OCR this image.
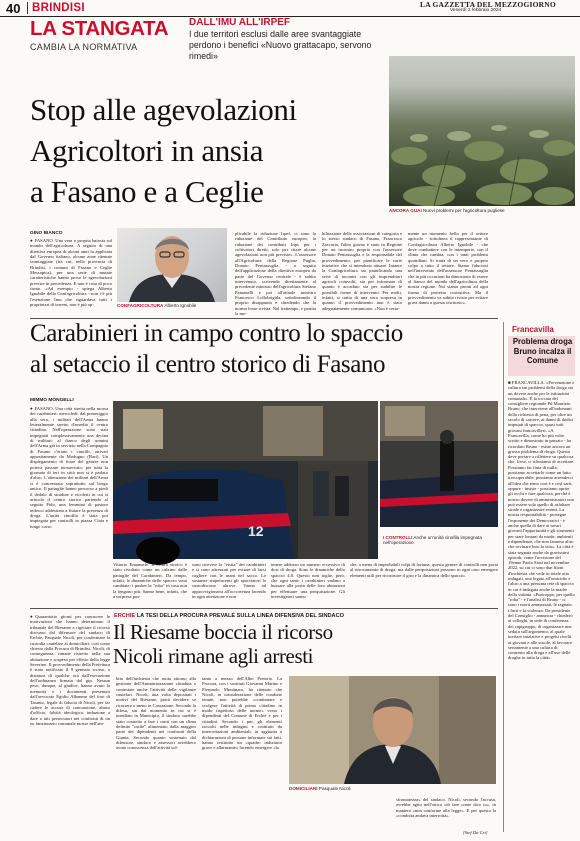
40 BRINDISI	LA GAZZETTA DEL MEZZOGIORNO
Venerdì 2 febbraio 2024
LA STANGATA
CAMBIA LA NORMATIVA
DALL'IMU ALL'IRPEF
I due territori esclusi dalle aree svantaggiate perdono i benefici «Nuovo grattacapo, servono rimedi»
Stop alle agevolazioni
Agricoltori in ansia
a Fasano e a Ceglie
ANCORA GUAI Nuovi problemi per l'agricoltura pugliese
GINO BIANCO
● FASANO. Una vera e propria batosta sul mondo dell'agricoltura. A seguito di una direttiva europea di alcuni anni fa applicata dal Governo italiano, alcune zone ritenute svantaggiate (tra cui, nella provincia di Brindisi, i comuni di Fasano e Ceglie Messapica), per una serie di mutate caratteristiche hanno perso le agevolazioni previste in precedenza. E non è cosa di poco conto. «Ad esempio - spiega Alberto Ignobile della Confagricoltura - non c'è più l'esenzione Imu che riguardava tutti i proprietari di terreni, non è più ap-	CONFAGRICOLTURA Alberto Ignobile
plicabile la riduzione Irpef, ci sono la riduzione del Contributo europeo, la riduzione dei contributi Inps per i coltivatori diretti, solo per citare alcune agevolazioni non più previste». L'assessore all'Agricoltura della Regione Puglia, Donato Pentassuglia - a seguito dell'applicazione della direttiva europea da parte del Governo centrale - è subito intervenuto, scrivendo direttamente al precedente ministro dell'agricoltura Stefano Patuanelli e poi all'attuale ministro Francesco Lollobrigida, sottolineando il proprio disappunto e chiedendo che la norma fosse rivista. Nel frattempo, e partita la mo-
bilitazione delle associazioni di categoria e lo stesso sindaco di Fasano, Francesco Zaccaria, l'altro giorno è stato in Regione per un incontro proprio con l'assessore Donato Pentassuglia e la responsabile del provvedimento, per pianificare le varie iniziative che si intendono attuare. Intanto la Confagricoltura sta pianificando una serie di incontri con gli imprenditori agricoli coinvolti, sia per informare di quanto è accaduto sia per stabilire le possibili forme di intervento. Per molti, infatti, si tratta di una vera sorpresa in quanto il provvedimento non è stato adeguatamente comunicato. «Non è certa-
mente un momento bello per il settore agricolo - sottolinea il rappresentante di Confagricoltura Alberto Ignobile - che deve combattere con le intemperie, con il clima che cambia, con i tanti problemi quotidiani. Si tratta di un vero e proprio colpo a tutto il settore. Siamo fiduciosi nell'intervento dell'assessore Pentassuglia che in più occasioni ha dimostrato di essere al fianco del mondo dell'agricoltura della nostra regione. Noi siamo pronti ad ogni forma di protesta costruttiva. Ma il provvedimento va subito rivisto per evitare gravi danni a questo territorio».
Carabinieri in campo contro lo spaccio
al setaccio il centro storico di Fasano
MIMMO MONGELLI
● FASANO. Una città stretta nella morsa dei carabinieri: mercoledì, dal pomeriggio alla sera, i militari dell'Arma hanno letteralmente stretto d'assedio il centro cittadino. Nell'operazione sono stati impegnati complessivamente una decina di militari: al fianco degli uomini dell'Arma già in servizio nella Compagnia di Fasano c'erano i cinofili, arrivati appositamente da Modugno (Bari). Un dispiegamento di forze del genere non poteva passare inosservato: per tutta la giornata di ieri in città non si è parlato d'altro. L'attenzione dei militari dell'Arma si è concentrata soprattutto sul borgo antico. Il pattuglie hanno percorso a piedi il dedalo di stradine e vicoletti in cui si articola il centro storico partendo al seguito Fido, una femmina di pastore tedesco addestrata a fiutare la presenza di droga. L'unità cinofila è stata poi impiegata per controlli in piazza Ciaia e lungo corso	12	I CONTROLLI Anche un'unità cinofila impegnata nell'operazione
Vittorio Emanuele. Il centro storico è stato rivoltato come un calzino dalle pattuglie del Carabinieri. Da tempo, infatti, le dinamiche dello spaccio sono cambiate: i pusher la "roba" in casa non la tengono più. Sanno bene, infatti, che a sorpresa pos-
sono ricevere la "visita" dei carabinieri e si sono attrezzati per evitare di farsi cogliere con le mani nel sacco. Le sostanze stupefacenti gli spacciatori le custodiscono altrove. Vanno ad approvvigionarsi all'occorrenza facendo in ogni attenzione e non
tenere addosso un numero eccessivo di dosi di droga. Sono le dinamiche dello spaccio 4.0. Questo non toglie, però, che ogni tanto i carabinieri vadano a bussare alla porta delle loro abitazioni per effettuare una perquisizione. Gli investigatori sanno
che, a meno di improbabili colpi di fortuna, questo genere di controlli non porta al ritrovamento di droga, ma dalle perquisizioni possono in ogni caso emergere elementi utili per ricostruire il giro e la dinamica dello spaccio.
Francavilla
Problema droga Bruno incalza il Comune
■ FRANCAVILLA. «Prevenzione e cultura sui problemi della droga sia un dovere anche per le istituzioni comunali». È la toccata del consigliere regionale Pd Maurizio Bruno, che interviene all'indomani della richiesta di pena, per oltre un secolo di carcere, ai danni di dodici imputati di spaccio, quasi tutti giovani francavillesi. «A Francavilla, come ho più volte scritto e dimostrato in passato - ha ricordato Bruno - esiste ancora un grosso problema di droga. Questo deve portare a riflettere su qualcosa che, forse, ci rifiutiamo di accettare. Possiamo far finta di nulla, possiamo accettarlo come un fatto irrecuperabile, possiamo arrenderci all'idea che temo così è e così sarà, oppure - insiste - possiamo aprire gli occhi e fare qualcosa, perché è nostro dovere di amministratori non può essere solo quello di asfaltare strade e organizzare eventi. La nostra responsabilità - prosegue l'esponente dei Democratici - è anche quella di dare ai nostri giovani l'opportunità e gli strumenti per stare lontani da mode, ambienti e dipendenze, che non faranno altro che rovinare loro la vita». La città è stata segnata anche da gravissimi episodi, come l'uccisione del 19enne Paolo Stasi nel novembre 2022, su cui ci sono due filoni d'inchiesta che vede in totale otto indagati, uno legato all'omicidio e l'altro a una presunta rete di spaccio in cui è indagata anche la madre della vittima. «Purtroppo, per quello "roba" - è l'analisi di Bruno - ci sono i morti ammazzati, le ragnaie, i furti e la violenza. Da presidente del Consiglio - annuncia - chiederò ai colleghi, in sede di conferenza dei capigruppo, di organizzare una seduta sull'argomento, al quale invitare iniziative e progetti rivolti ai giovani e alle scuole, al lavorare seriamente a una cultura di contrasto alla droga e all'uso delle droghe in tutta la città».
ERCHIE LA TESI DELLA PROCURA PREVALE SULLA LINEA DIFENSIVA DEL SINDACO
Il Riesame boccia il ricorso
Nicoli rimane agli arresti
●Quarantotto giorni per conoscere le motivazioni che hanno determinato il tribunale del Riesame a rigettare il ricorso discusso dal difensore del sindaco di Erchie, Pasquale Nicoli, per confermare la custodia cautelare ai domiciliari, così come chiesto dalla Procura di Brindisi. Nicoli, di conseguenza, rimane ristretto nella sua abitazione e sospeso per effetto della legge Severino. Il provvedimento della Prefettura è stato notificato il 9 gennaio scorso, a distanza di qualche ora dall'esecuzione dell'ordinanza firmata dal gip. Nessun peso, dunque, al giudice, hanno avuto la memoria e i documenti presentati dall'avvocato Egidio Albanese del foro di Taranto, legale di fiducia di Nicoli, per far cadere le accuse di concussione, abuso d'ufficio, falsità ideologica, induzione a dare o atti persecutori nei confronti di un ex funzionario comunale mosse nell'am-
bito dell'inchiesta che ruota attorno alla gestione dell'Amministrazione cittadina e contestate anche l'attività delle vigilanze cautelari. Nicoli, una volta depositati i motivi del Riesame, potrà decidere se ricorrere o meno in Cassazione. Secondo la difesa, sin dal momento in cui si è insediato in Municipio, il sindaco sarebbe stato costretto a fare i conti con un clima definito "ostile" alimentato dalla maggior parte dei dipendenti nei confronti della Giunta. Secondo quanto sostenuto dal difensore, sindaco e assessori avrebbero avuto conoscenza dell'attività sol-
tanto a mezzo dell'Albo Pretorio. La Procura, con i sostituti Giovanni Marino e Pierpaolo Montinaro, ha ritenuto che Nicoli, in considerazione delle condotte tenute, non potrebbe «continuare e svolgere l'attività di primo cittadino in modo rispettoso delle norme» verso i dipendenti del Comune di Erchie e per i cittadini. Secondo i pm, gli elementi raccolti nelle indagini e costituiti da intercettazioni ambientali, in aggiunta a dichiarazioni di persone informate sui fatti, hanno restituito un «quadro indiziario grave e allarmante» facendo emergere «la
DOMICILIARI Pasquale Nicoli
sfrontatezza» del sindaco. Nicoli, secondo l'accusa, avrebbe agito nell'ottica «di fare come dico io», in maniera «non conforme alla legge». E per questo la «condotta andava interrotta».
[Stef.Da Cri]
